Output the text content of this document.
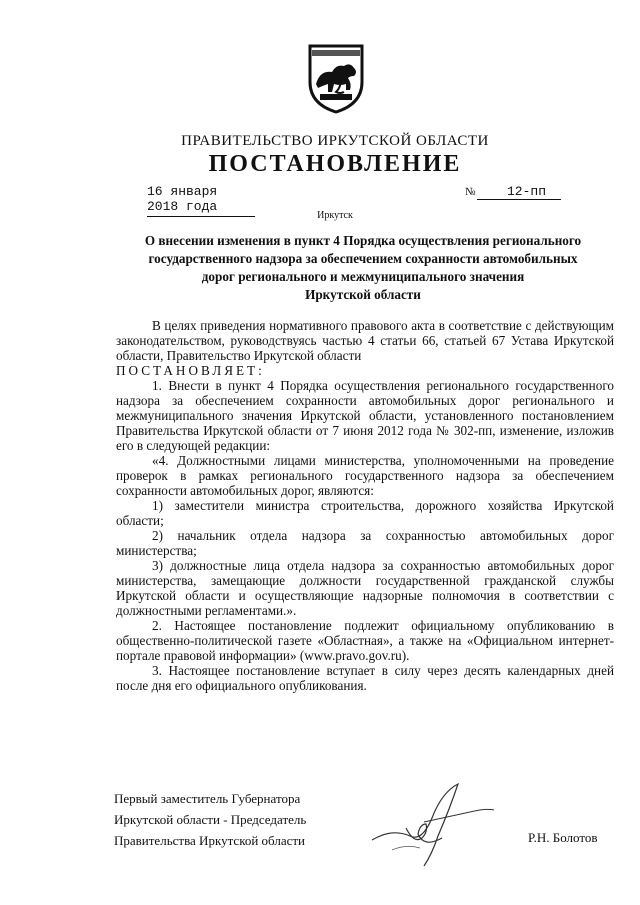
ПРАВИТЕЛЬСТВО ИРКУТСКОЙ ОБЛАСТИ
ПОСТАНОВЛЕНИЕ
16 января 2018 года
№	12-пп
Иркутск
О внесении изменения в пункт 4 Порядка осуществления регионального
государственного надзора за обеспечением сохранности автомобильных
дорог регионального и межмуниципального значения
Иркутской области

В целях приведения нормативного правового акта в соответствие с действующим законодательством, руководствуясь частью 4 статьи 66, статьей 67 Устава Иркутской области, Правительство Иркутской области

ПОСТАНОВЛЯЕТ:

1. Внести в пункт 4 Порядка осуществления регионального государственного надзора за обеспечением сохранности автомобильных дорог регионального и межмуниципального значения Иркутской области, установленного постановлением Правительства Иркутской области от 7 июня 2012 года № 302-пп, изменение, изложив его в следующей редакции:

«4. Должностными лицами министерства, уполномоченными на проведение проверок в рамках регионального государственного надзора за обеспечением сохранности автомобильных дорог, являются:

1) заместители министра строительства, дорожного хозяйства Иркутской области;

2) начальник отдела надзора за сохранностью автомобильных дорог министерства;

3) должностные лица отдела надзора за сохранностью автомобильных дорог министерства, замещающие должности государственной гражданской службы Иркутской области и осуществляющие надзорные полномочия в соответствии с должностными регламентами.».

2. Настоящее постановление подлежит официальному опубликованию в общественно-политической газете «Областная», а также на «Официальном интернет-портале правовой информации» (www.pravo.gov.ru).

3. Настоящее постановление вступает в силу через десять календарных дней после дня его официального опубликования.

Первый заместитель Губернатора
Иркутской области - Председатель
Правительства Иркутской области	Р.Н. Болотов
